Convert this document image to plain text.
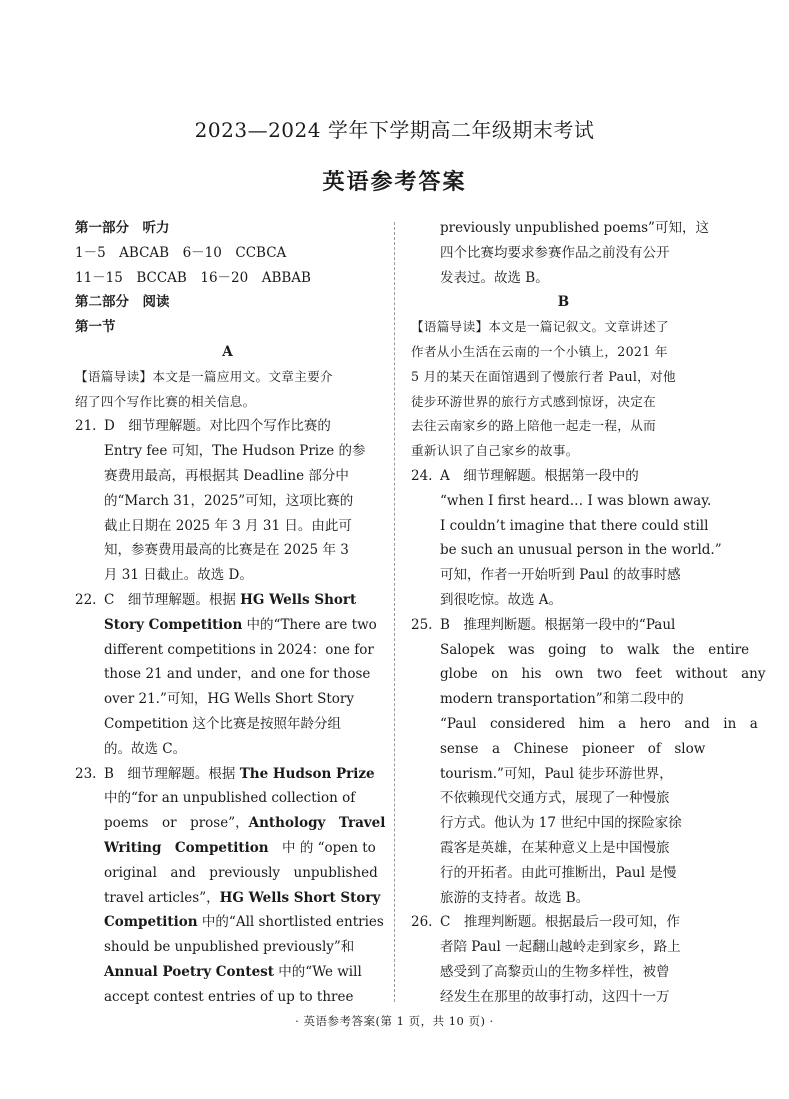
2023—2024 学年下学期高二年级期末考试
英语参考答案
第一部分　听力
1－5　ABCAB　6－10　CCBCA
11－15　BCCAB　16－20　ABBAB
第二部分　阅读
第一节
A
【语篇导读】本文是一篇应用文。文章主要介
绍了四个写作比赛的相关信息。
21. D　细节理解题。对比四个写作比赛的
Entry fee 可知，The Hudson Prize 的参
赛费用最高，再根据其 Deadline 部分中
的“March 31，2025”可知，这项比赛的
截止日期在 2025 年 3 月 31 日。由此可
知，参赛费用最高的比赛是在 2025 年 3
月 31 日截止。故选 D。
22. C　细节理解题。根据 HG Wells Short
Story Competition 中的“There are two
different competitions in 2024：one for
those 21 and under，and one for those
over 21.”可知，HG Wells Short Story
Competition 这个比赛是按照年龄分组
的。故选 C。
23. B　细节理解题。根据 The Hudson Prize
中的“for an unpublished collection of
poems　or　prose”，Anthology　Travel
Writing　Competition　中 的 “open to
original　and　previously　unpublished
travel articles”，HG Wells Short Story
Competition 中的“All shortlisted entries
should be unpublished previously”和
Annual Poetry Contest 中的“We will
accept contest entries of up to three
previously unpublished poems”可知，这
四个比赛均要求参赛作品之前没有公开
发表过。故选 B。
B
【语篇导读】本文是一篇记叙文。文章讲述了
作者从小生活在云南的一个小镇上，2021 年
5 月的某天在面馆遇到了慢旅行者 Paul，对他
徒步环游世界的旅行方式感到惊讶，决定在
去往云南家乡的路上陪他一起走一程，从而
重新认识了自己家乡的故事。
24. A　细节理解题。根据第一段中的
“when I first heard… I was blown away.
I couldn’t imagine that there could still
be such an unusual person in the world.”
可知，作者一开始听到 Paul 的故事时感
到很吃惊。故选 A。
25. B　推理判断题。根据第一段中的“Paul
Salopek　was　going　to　walk　the　entire
globe　on　his　own　two　feet　without　any
modern transportation”和第二段中的
“Paul　considered　him　a　hero　and　in　a
sense　a　Chinese　pioneer　of　slow
tourism.”可知，Paul 徒步环游世界，
不依赖现代交通方式，展现了一种慢旅
行方式。他认为 17 世纪中国的探险家徐
霞客是英雄，在某种意义上是中国慢旅
行的开拓者。由此可推断出，Paul 是慢
旅游的支持者。故选 B。
26. C　推理判断题。根据最后一段可知，作
者陪 Paul 一起翻山越岭走到家乡，路上
感受到了高黎贡山的生物多样性，被曾
经发生在那里的故事打动，这四十一万
· 英语参考答案(第 1 页，共 10 页) ·
